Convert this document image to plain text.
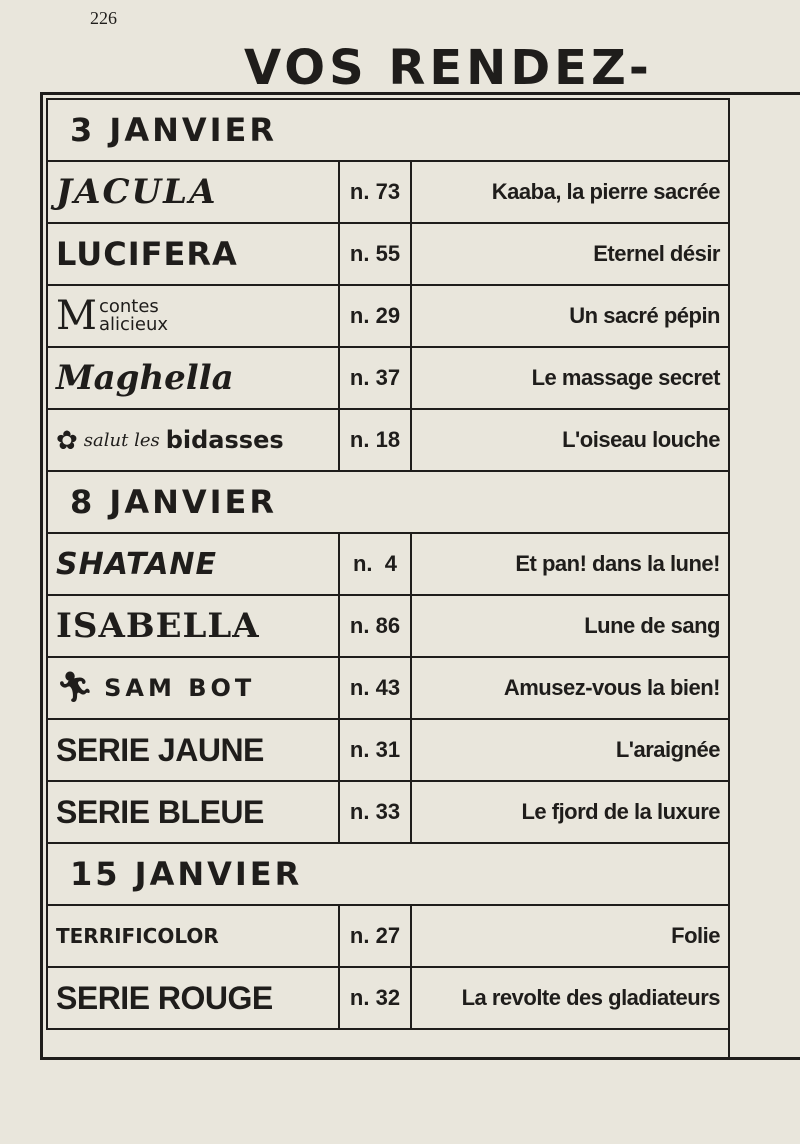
226
VOS RENDEZ-
3 JANVIER		
JACULA	n. 73	Kaaba, la pierre sacrée
LUCIFERA	n. 55	Eternel désir

M contes
alicieux	n. 29	Un sacré pépin
Maghella	n. 37	Le massage secret

✿ salut les bidasses	n. 18	L'oiseau louche
8 JANVIER		
SHATANE	n.  4	Et pan! dans la lune!
ISABELLA	n. 86	Lune de sang

🏃︎ SAM BOT	n. 43	Amusez-vous la bien!
SERIE JAUNE	n. 31	L'araignée
SERIE BLEUE	n. 33	Le fjord de la luxure
15 JANVIER		
TERRIFICOLOR	n. 27	Folie
SERIE ROUGE	n. 32	La revolte des gladiateurs
